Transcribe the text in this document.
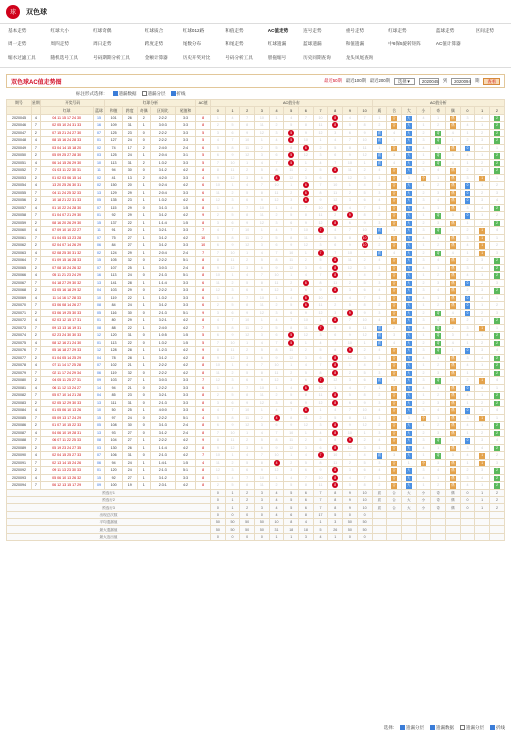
球	双色球
基本走势	红球大小	红球奇偶	红球质合	红球012路	和值走势	AC值走势	连号走势	重号走势	红球走势	蓝球走势	区间走势
周一走势	周四走势	周日走势	跨度走势	尾数分布	和尾走势	红球遗漏	蓝球遗漏	和值遗漏	中6保5旋转矩阵	AC值计算器
缩水过滤工具	随机选号工具	号码期期分析工具	金额计算器	历史开奖对比	号码分析工具	胆拖缩号	历史同期查询	龙头凤尾查询
双色球AC值走势图	最近50期 最近100期 最近200期	选择▼	2020045 到	2020094 期	查看
标注形式选择：	遗漏数据	遗漏分层	折线
期号	星期	开奖号码		红球分析					AC值	AC值分布											AC值分析								
		红球	蓝球	和值	跨度	奇偶	区间比	尾值和		0	1	2	3	4	5	6	7	8	9	10	质	合	大	小	奇	偶	0	1	2
2020045	4	04 11 15 17 24 30	15	101	26	2	2:2:2	3:3	8	1	4	7	10	1	4	7	10	8	4	7	1	合	大	4	1	偶	3	4	2
2020046	7	02 05 10 24 31 33	16	109	31	1	3:0:3	3:3	8	2	5	8	11	2	5	8	11	8	5	8	2	合	大	1	2	偶	4	1	2
2020047	2	07 15 21 24 27 30	07	125	23	0	2:2:2	3:3	5	3	6	9	12	3	5	9	12	3	6	9	质	4	大	2	奇	4	1	2	2
2020048	4	08 15 16 24 28 33	01	127	24	0	2:2:2	3:3	5	4	7	10	1	4	5	10	1	4	7	10	质	1	大	3	奇	1	2	3	2
2020049	7	03 04 14 15 18 20	02	74	17	2	2:4:0	2:4	6	5	8	11	2	5	8	6	2	5	8	11	1	合	大	4	1	偶	0	4	1
2020050	2	05 09 25 27 28 30	03	125	24	1	2:0:4	3:1	5	6	9	12	3	6	5	12	3	6	9	12	质	3	大	1	奇	3	4	1	2
2020051	4	06 14 15 26 29 30	10	113	31	2	1:3:2	3:3	5	7	10	1	4	7	5	1	4	7	10	1	质	4	大	2	奇	4	1	2	2
2020052	7	01 03 11 22 30 31	11	94	30	0	3:1:2	4:2	8	8	11	2	5	8	11	2	5	8	11	2	4	合	大	3	4	偶	2	3	2
2020053	2	01 02 03 06 15 14	02	41	13	2	4:2:0	3:3	4	9	12	3	6	4	12	3	6	9	12	3	1	合	3	小	1	偶	3	1	1
2020054	4	13 20 25 26 30 31	02	150	20	1	0:2:4	4:2	6	10	1	4	7	10	1	6	7	10	1	4	2	合	大	1	2	偶	0	1	2
2020055	7	04 11 24 25 32 33	13	129	29	1	2:0:4	3:3	6	11	2	5	8	11	2	6	8	11	2	5	3	合	大	2	3	偶	0	2	3
2020056	2	10 18 21 22 31 33	05	135	23	1	1:3:2	4:2	6	12	3	6	9	12	3	6	9	12	3	6	4	合	大	3	4	偶	0	3	4
2020057	4	01 10 22 24 28 30	07	115	29	0	3:1:3	1:5	8	1	4	7	10	1	4	7	10	8	4	7	1	合	大	4	1	偶	3	4	2
2020058	7	01 04 07 21 29 30	01	92	29	1	3:1:2	4:2	9	2	5	8	11	2	5	8	11	2	9	8	2	合	大	1	奇	3	0	1	2
2020059	2	08 16 20 26 29 30	15	137	22	1	1:1:4	1:5	8	3	6	9	12	3	6	9	12	8	6	9	3	合	大	2	3	偶	1	2	2
2020060	4	07 09 10 10 22 27	11	91	20	1	3:2:1	3:3	7	4	7	10	1	4	7	10	7	4	7	10	质	1	大	3	奇	1	2	1	4
2020061	7	01 04 05 13 23 28	07	75	27	1	3:1:2	4:2	10	5	8	11	2	5	8	11	2	5	8	10	1	合	大	4	1	偶	3	1	1
2020062	2	02 04 07 14 26 29	06	84	27	1	3:1:2	3:3	10	6	9	12	3	6	9	12	3	6	9	10	2	合	大	1	2	偶	4	1	2
2020063	4	02 08 25 30 31 32	02	124	29	1	2:0:4	2:4	7	7	10	1	4	7	10	1	7	7	10	1	质	4	大	2	奇	4	1	1	3
2020064	7	01 09 15 16 28 33	15	105	32	0	2:2:2	5:1	8	8	11	2	5	8	11	2	5	8	11	2	4	合	大	3	4	偶	2	3	2
2020065	2	07 08 10 24 26 32	07	107	25	1	3:0:3	2:4	8	9	12	3	6	9	12	3	6	8	12	3	1	合	大	4	1	偶	3	4	2
2020066	4	05 11 21 23 24 29	16	113	24	0	2:1:3	5:1	8	10	1	4	7	10	1	4	7	8	1	4	2	合	大	1	2	偶	4	1	2
2020067	7	04 18 27 29 30 32	13	141	28	1	1:1:4	3:3	6	11	2	5	8	11	2	6	8	11	2	5	3	合	大	2	3	偶	0	2	3
2020068	2	03 05 16 18 29 32	04	103	29	0	2:2:2	3:3	8	12	3	6	9	12	3	6	9	8	3	6	4	合	大	3	4	偶	2	3	2
2020069	4	11 14 16 17 28 33	10	119	22	1	1:3:2	3:3	6	1	4	7	10	1	4	6	10	1	4	7	1	合	大	4	1	偶	0	4	1
2020070	7	03 06 08 14 26 27	08	84	24	1	3:1:2	3:3	6	2	5	8	11	2	5	6	11	2	5	8	2	合	大	1	2	偶	0	1	2
2020071	2	03 06 19 25 30 33	05	116	30	0	2:1:3	5:1	9	3	6	9	12	3	6	9	12	3	9	9	3	合	大	2	奇	4	0	2	3
2020072	4	02 03 12 15 17 31	01	80	29	1	3:2:1	4:2	8	4	7	10	1	4	7	10	1	8	7	10	4	合	大	3	4	偶	2	3	2
2020073	7	09 13 13 16 19 31	08	88	22	1	2:4:0	4:2	7	5	8	11	2	5	8	11	7	5	8	11	质	2	大	4	奇	2	3	1	1
2020074	2	02 23 24 30 30 33	12	120	31	0	1:0:5	1:5	5	6	9	12	3	6	5	12	3	6	9	12	质	3	大	1	奇	3	4	1	2
2020075	4	08 12 16 21 24 30	01	113	22	0	1:3:2	1:5	5	7	10	1	4	7	5	1	4	7	10	1	质	4	大	2	奇	4	1	2	2
2020076	7	05 16 18 27 29 33	12	128	28	1	1:2:3	4:2	9	8	11	2	5	8	11	2	5	8	9	2	4	合	大	3	奇	1	0	3	4
2020077	2	01 04 05 14 25 29	04	78	28	1	3:1:2	4:2	8	9	12	3	6	9	12	3	6	8	12	3	1	合	大	4	1	偶	3	4	2
2020078	4	07 11 14 17 25 28	07	102	21	1	2:2:2	4:2	8	10	1	4	7	10	1	4	7	8	1	4	2	合	大	1	2	偶	4	1	2
2020079	7	02 11 17 24 29 34	06	119	32	0	2:2:2	4:2	8	11	2	5	8	11	2	5	8	8	2	5	3	合	大	2	3	偶	1	2	2
2020080	2	04 05 11 25 27 31	09	103	27	1	3:0:3	3:3	7	12	3	6	9	12	3	6	7	12	3	6	质	1	大	3	奇	1	2	1	4
2020081	4	06 11 12 13 24 27	14	94	21	0	2:2:2	3:3	6	1	4	7	10	1	4	6	10	1	4	7	1	合	大	4	1	偶	0	4	1
2020082	7	05 07 10 14 21 28	04	85	23	0	3:2:1	3:3	8	2	5	8	11	2	5	8	11	8	5	8	2	合	大	1	2	偶	4	1	2
2020083	2	02 05 12 29 30 33	13	111	31	0	2:1:3	3:3	8	3	6	9	12	3	6	9	12	8	6	9	3	合	大	2	3	偶	1	2	2
2020084	4	01 05 06 10 13 26	10	50	25	1	4:0:0	3:3	6	4	7	10	1	4	7	6	1	4	7	10	4	合	大	3	4	偶	0	3	4
2020085	7	05 09 13 17 24 29	15	97	24	0	2:2:2	5:1	4	5	8	11	2	4	8	11	2	5	8	11	1	合	3	小	1	偶	3	1	1
2020086	2	01 07 10 15 22 33	05	108	30	0	3:1:3	2:4	8	6	9	12	3	6	9	12	3	8	9	12	2	合	大	1	2	偶	4	1	2
2020087	4	04 06 10 19 28 31	13	93	27	0	3:1:2	2:4	8	7	10	1	4	7	10	1	4	8	10	1	3	合	大	2	3	偶	1	2	2
2020088	7	06 07 11 22 25 33	08	104	27	1	2:2:2	4:2	9	8	11	2	5	8	11	2	5	8	9	2	4	合	大	3	奇	1	0	3	4
2020089	2	05 19 23 24 27 35	03	130	26	1	1:1:4	4:2	8	9	12	3	6	9	12	3	6	8	12	3	1	合	大	4	1	偶	3	4	2
2020090	4	02 04 15 25 27 33	07	106	31	0	2:1:3	4:2	7	10	1	4	7	10	1	4	7	10	1	4	质	3	大	1	奇	3	4	1	2
2020091	7	02 13 14 15 24 26	06	94	24	1	1:4:1	1:5	4	11	2	5	8	4	2	5	8	11	2	5	3	合	1	小	3	偶	1	1	3
2020092	2	09 11 13 23 30 33	01	120	24	1	2:1:3	5:1	8	12	3	6	9	12	3	6	9	8	3	6	4	合	大	3	4	偶	2	3	2
2020093	4	05 06 10 13 26 32	15	92	27	1	3:1:2	3:3	8	1	4	7	10	1	4	7	10	8	4	7	1	合	大	4	1	偶	3	4	2
2020094	7	06 12 13 15 17 29	09	100	19	1	2:3:1	4:2	8	2	5	8	11	2	5	8	11	8	5	8	2	合	大	1	2	偶	4	1	2
预选行1										0	1	2	3	4	5	6	7	8	9	10	质	合	大	小	奇	偶	0	1	2
预选行2										0	1	2	3	4	5	6	7	8	9	10	质	合	大	小	奇	偶	0	1	2
预选行3										0	1	2	3	4	5	6	7	8	9	10	质	合	大	小	奇	偶	0	1	2
出现总次数										0	0	0	0	4	6	8	17	5	0	0									
平均遗漏值										50	50	50	50	10	8	4	1	3	50	50									
最大遗漏值										50	50	50	50	31	18	18	5	26	50	50									
最大连出值										0	0	0	0	1	1	3	4	1	0	0									
选择:	遗漏分层	遗漏数据	遗漏分层	折线
